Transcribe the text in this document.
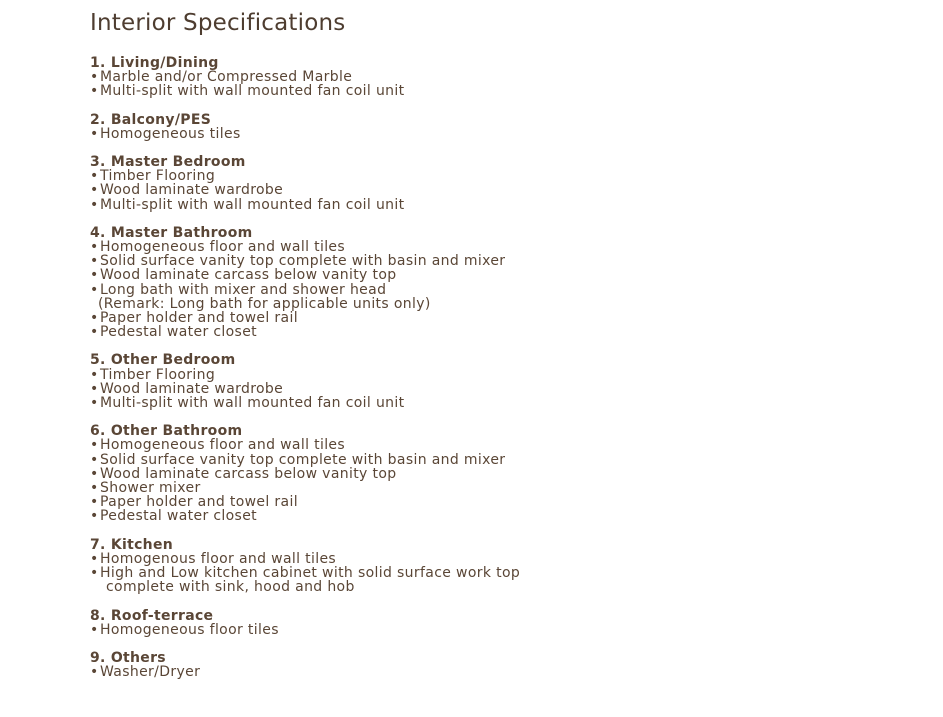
Interior Specifications
1. Living/Dining
•Marble and/or Compressed Marble
•Multi-split with wall mounted fan coil unit
2. Balcony/PES
•Homogeneous tiles
3. Master Bedroom
•Timber Flooring
•Wood laminate wardrobe
•Multi-split with wall mounted fan coil unit
4. Master Bathroom
•Homogeneous floor and wall tiles
•Solid surface vanity top complete with basin and mixer
•Wood laminate carcass below vanity top
•Long bath with mixer and shower head
(Remark: Long bath for applicable units only)
•Paper holder and towel rail
•Pedestal water closet
5. Other Bedroom
•Timber Flooring
•Wood laminate wardrobe
•Multi-split with wall mounted fan coil unit
6. Other Bathroom
•Homogeneous floor and wall tiles
•Solid surface vanity top complete with basin and mixer
•Wood laminate carcass below vanity top
•Shower mixer
•Paper holder and towel rail
•Pedestal water closet
7. Kitchen
•Homogenous floor and wall tiles
•High and Low kitchen cabinet with solid surface work top
complete with sink, hood and hob
8. Roof-terrace
•Homogeneous floor tiles
9. Others
•Washer/Dryer
